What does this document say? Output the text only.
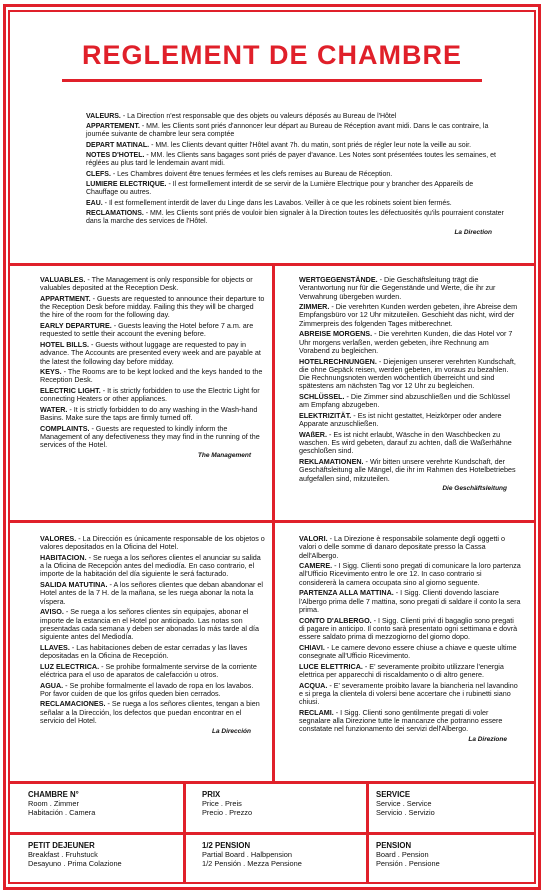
REGLEMENT DE CHAMBRE

VALEURS. - La Direction n'est responsable que des objets ou valeurs déposés au Bureau de l'Hôtel

APPARTEMENT. - MM. les Clients sont priés d'annoncer leur départ au Bureau de Réception avant midi. Dans le cas contraire, la journée suivante de chambre leur sera comptée

DEPART MATINAL. - MM. les Clients devant quitter l'Hôtel avant 7h. du matin, sont priés de régler leur note la veille au soir.

NOTES D'HOTEL. - MM. les Clients sans bagages sont priés de payer d'avance. Les Notes sont présentées toutes les semaines, et réglées au plus tard le lendemain avant midi.

CLEFS. - Les Chambres doivent être tenues fermées et les clefs remises au Bureau de Réception.

LUMIERE ELECTRIQUE. - Il est formellement interdit de se servir de la Lumière Electrique pour y brancher des Appareils de Chauffage ou autres.

EAU. - Il est formellement interdit de laver du Linge dans les Lavabos. Veiller à ce que les robinets soient bien fermés.

RECLAMATIONS. - MM. les Clients sont priés de vouloir bien signaler à la Direction toutes les défectuosités qu'ils pourraient constater dans la marche des services de l'Hôtel.

La Direction

VALUABLES. - The Management is only responsible for objects or valuables deposited at the Reception Desk.

APPARTMENT. - Guests are requested to announce their departure to the Reception Desk before midday. Failing this they will be charged the hire of the room for the following day.

EARLY DEPARTURE. - Guests leaving the Hotel before 7 a.m. are requested to settle their account the evening before.

HOTEL BILLS. - Guests without luggage are requested to pay in advance. The Accounts are presented every week and are payable at the latest the following day before midday.

KEYS. - The Rooms are to be kept locked and the keys handed to the Reception Desk.

ELECTRIC LIGHT. - It is strictly forbidden to use the Electric Light for connecting Heaters or other appliances.

WATER. - It is strictly forbidden to do any washing in the Wash-hand Basins. Make sure the taps are firmly turned off.

COMPLAINTS. - Guests are requested to kindly inform the Management of any defectiveness they may find in the running of the services of the Hotel.

The Management

WERTGEGENSTÄNDE. - Die Geschäftsleitung trägt die Verantwortung nur für die Gegenstände und Werte, die ihr zur Verwahrung übergeben wurden.

ZIMMER. - Die verehrten Kunden werden gebeten, ihre Abreise dem Empfangsbüro vor 12 Uhr mitzuteilen. Geschieht das nicht, wird der Zimmerpreis des folgenden Tages mitberechnet.

ABREISE MORGENS. - Die verehrten Kunden, die das Hotel vor 7 Uhr morgens verlaßen, werden gebeten, ihre Rechnung am Vorabend zu begleichen.

HOTELRECHNUNGEN. - Diejenigen unserer verehrten Kundschaft, die ohne Gepäck reisen, werden gebeten, im voraus zu bezahlen. Die Rechnungsnoten werden wöchentlich überreicht und sind spätestens am nächsten Tag vor 12 Uhr zu begleichen.

SCHLÜSSEL. - Die Zimmer sind abzuschließen und die Schlüssel am Empfang abzugeben.

ELEKTRIZITÄT. - Es ist nicht gestattet, Heizkörper oder andere Apparate anzuschließen.

WAßER. - Es ist nicht erlaubt, Wäsche in den Waschbecken zu waschen. Es wird gebeten, darauf zu achten, daß die Waßerhähne geschloßen sind.

REKLAMATIONEN. - Wir bitten unsere verehrte Kundschaft, der Geschäftsleitung alle Mängel, die ihr im Rahmen des Hotelbetriebes aufgefallen sind, mitzuteilen.

Die Geschäftsleitung

VALORES. - La Dirección es únicamente responsable de los objetos o valores depositados en la Oficina del Hotel.

HABITACION. - Se ruega a los señores clientes el anunciar su salida a la Oficina de Recepción antes del mediodía. En caso contrario, el importe de la habitación del día siguiente le será facturado.

SALIDA MATUTINA. - A los señores clientes que deban abandonar el Hotel antes de la 7 H. de la mañana, se les ruega abonar la nota la víspera.

AVISO. - Se ruega a los señores clientes sin equipajes, abonar el importe de la estancia en el Hotel por anticipado. Las notas son presentadas cada semana y deben ser abonadas lo más tarde al día siguiente antes del Mediodía.

LLAVES. - Las habitaciones deben de estar cerradas y las llaves depositadas en la Oficina de Recepción.

LUZ ELECTRICA. - Se prohibe formalmente servirse de la corriente eléctrica para el uso de aparatos de calefacción u otros.

AGUA. - Se prohibe formalmente el lavado de ropa en los lavabos. Por favor cuiden de que los grifos queden bien cerrados.

RECLAMACIONES. - Se ruega a los señores clientes, tengan a bien señalar a la Dirección, los defectos que puedan encontrar en el servicio del Hotel.

La Dirección

VALORI. - La Direzione è responsabile solamente degli oggetti o valori o delle somme di danaro depositate presso la Cassa dell'Albergo.

CAMERE. - I Sigg. Clienti sono pregati di comunicare la loro partenza all'Ufficio Ricevimento entro le ore 12. In caso contrario si considererà la camera occupata sino al giorno seguente.

PARTENZA ALLA MATTINA. - I Sigg. Clienti dovendo lasciare l'Albergo prima delle 7 mattina, sono pregati di saldare il conto la sera prima.

CONTO D'ALBERGO. - I Sigg. Clienti privi di bagaglio sono pregati di pagare in anticipo. Il conto sarà presentato ogni settimana e dovrà essere saldato prima di mezzogiorno del giorno dopo.

CHIAVI. - Le camere devono essere chiuse a chiave e queste ultime consegnate all'Ufficio Ricevimento.

LUCE ELETTRICA. - E' severamente proibito utilizzare l'energia elettrica per apparecchi di riscaldamento o di altro genere.

ACQUA. - E' severamente proibito lavare la biancheria nel lavandino e si prega la clientela di volersi bene accertare che i rubinetti siano chiusi.

RECLAMI. - I Sigg. Clienti sono gentilmente pregati di voler segnalare alla Direzione tutte le mancanze che potranno essere constatate nel funzionamento dei servizi dell'Albergo.

La Direzione
CHAMBRE N°
Room . Zimmer
Habitación . Camera
PRIX
Price . Preis
Precio . Prezzo
SERVICE
Service . Service
Servicio . Servizio
PETIT DEJEUNER
Breakfast . Fruhstuck
Desayuno . Prima Colazione
1/2 PENSION
Partial Board . Halbpension
1/2 Pensión . Mezza Pensione
PENSION
Board . Pension
Pensión . Pensione
